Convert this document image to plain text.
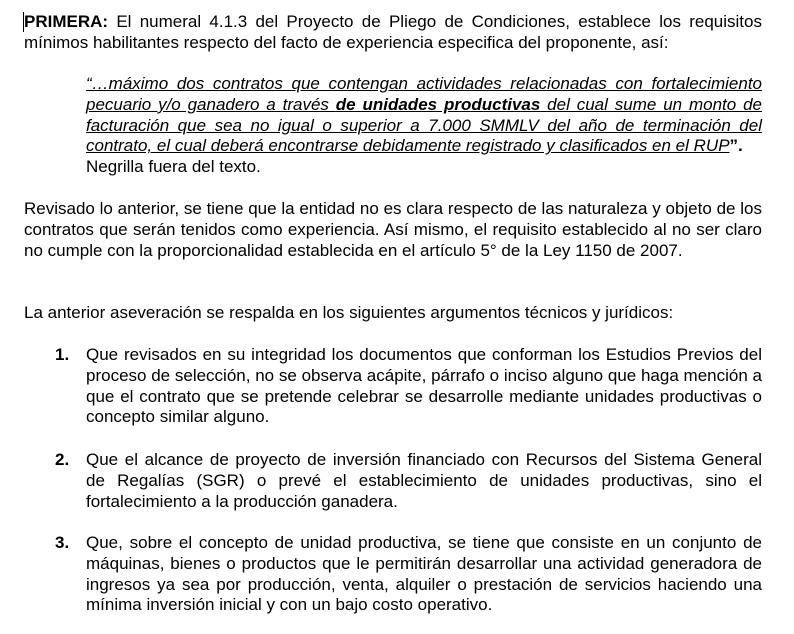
PRIMERA: El numeral 4.1.3 del Proyecto de Pliego de Condiciones, establece los requisitos mínimos habilitantes respecto del facto de experiencia especifica del proponente, así:
“…máximo dos contratos que contengan actividades relacionadas con fortalecimiento pecuario y/o ganadero a través de unidades productivas del cual sume un monto de facturación que sea no igual o superior a 7.000 SMMLV del año de terminación del contrato, el cual deberá encontrarse debidamente registrado y clasificados en el RUP”.
Negrilla fuera del texto.
Revisado lo anterior, se tiene que la entidad no es clara respecto de las naturaleza y objeto de los contratos que serán tenidos como experiencia. Así mismo, el requisito establecido al no ser claro no cumple con la proporcionalidad establecida en el artículo 5° de la Ley 1150 de 2007.
La anterior aseveración se respalda en los siguientes argumentos técnicos y jurídicos:
1. Que revisados en su integridad los documentos que conforman los Estudios Previos del proceso de selección, no se observa acápite, párrafo o inciso alguno que haga mención a que el contrato que se pretende celebrar se desarrolle mediante unidades productivas o concepto similar alguno.
2. Que el alcance de proyecto de inversión financiado con Recursos del Sistema General de Regalías (SGR) o prevé el establecimiento de unidades productivas, sino el fortalecimiento a la producción ganadera.
3. Que, sobre el concepto de unidad productiva, se tiene que consiste en un conjunto de máquinas, bienes o productos que le permitirán desarrollar una actividad generadora de ingresos ya sea por producción, venta, alquiler o prestación de servicios haciendo una mínima inversión inicial y con un bajo costo operativo.
